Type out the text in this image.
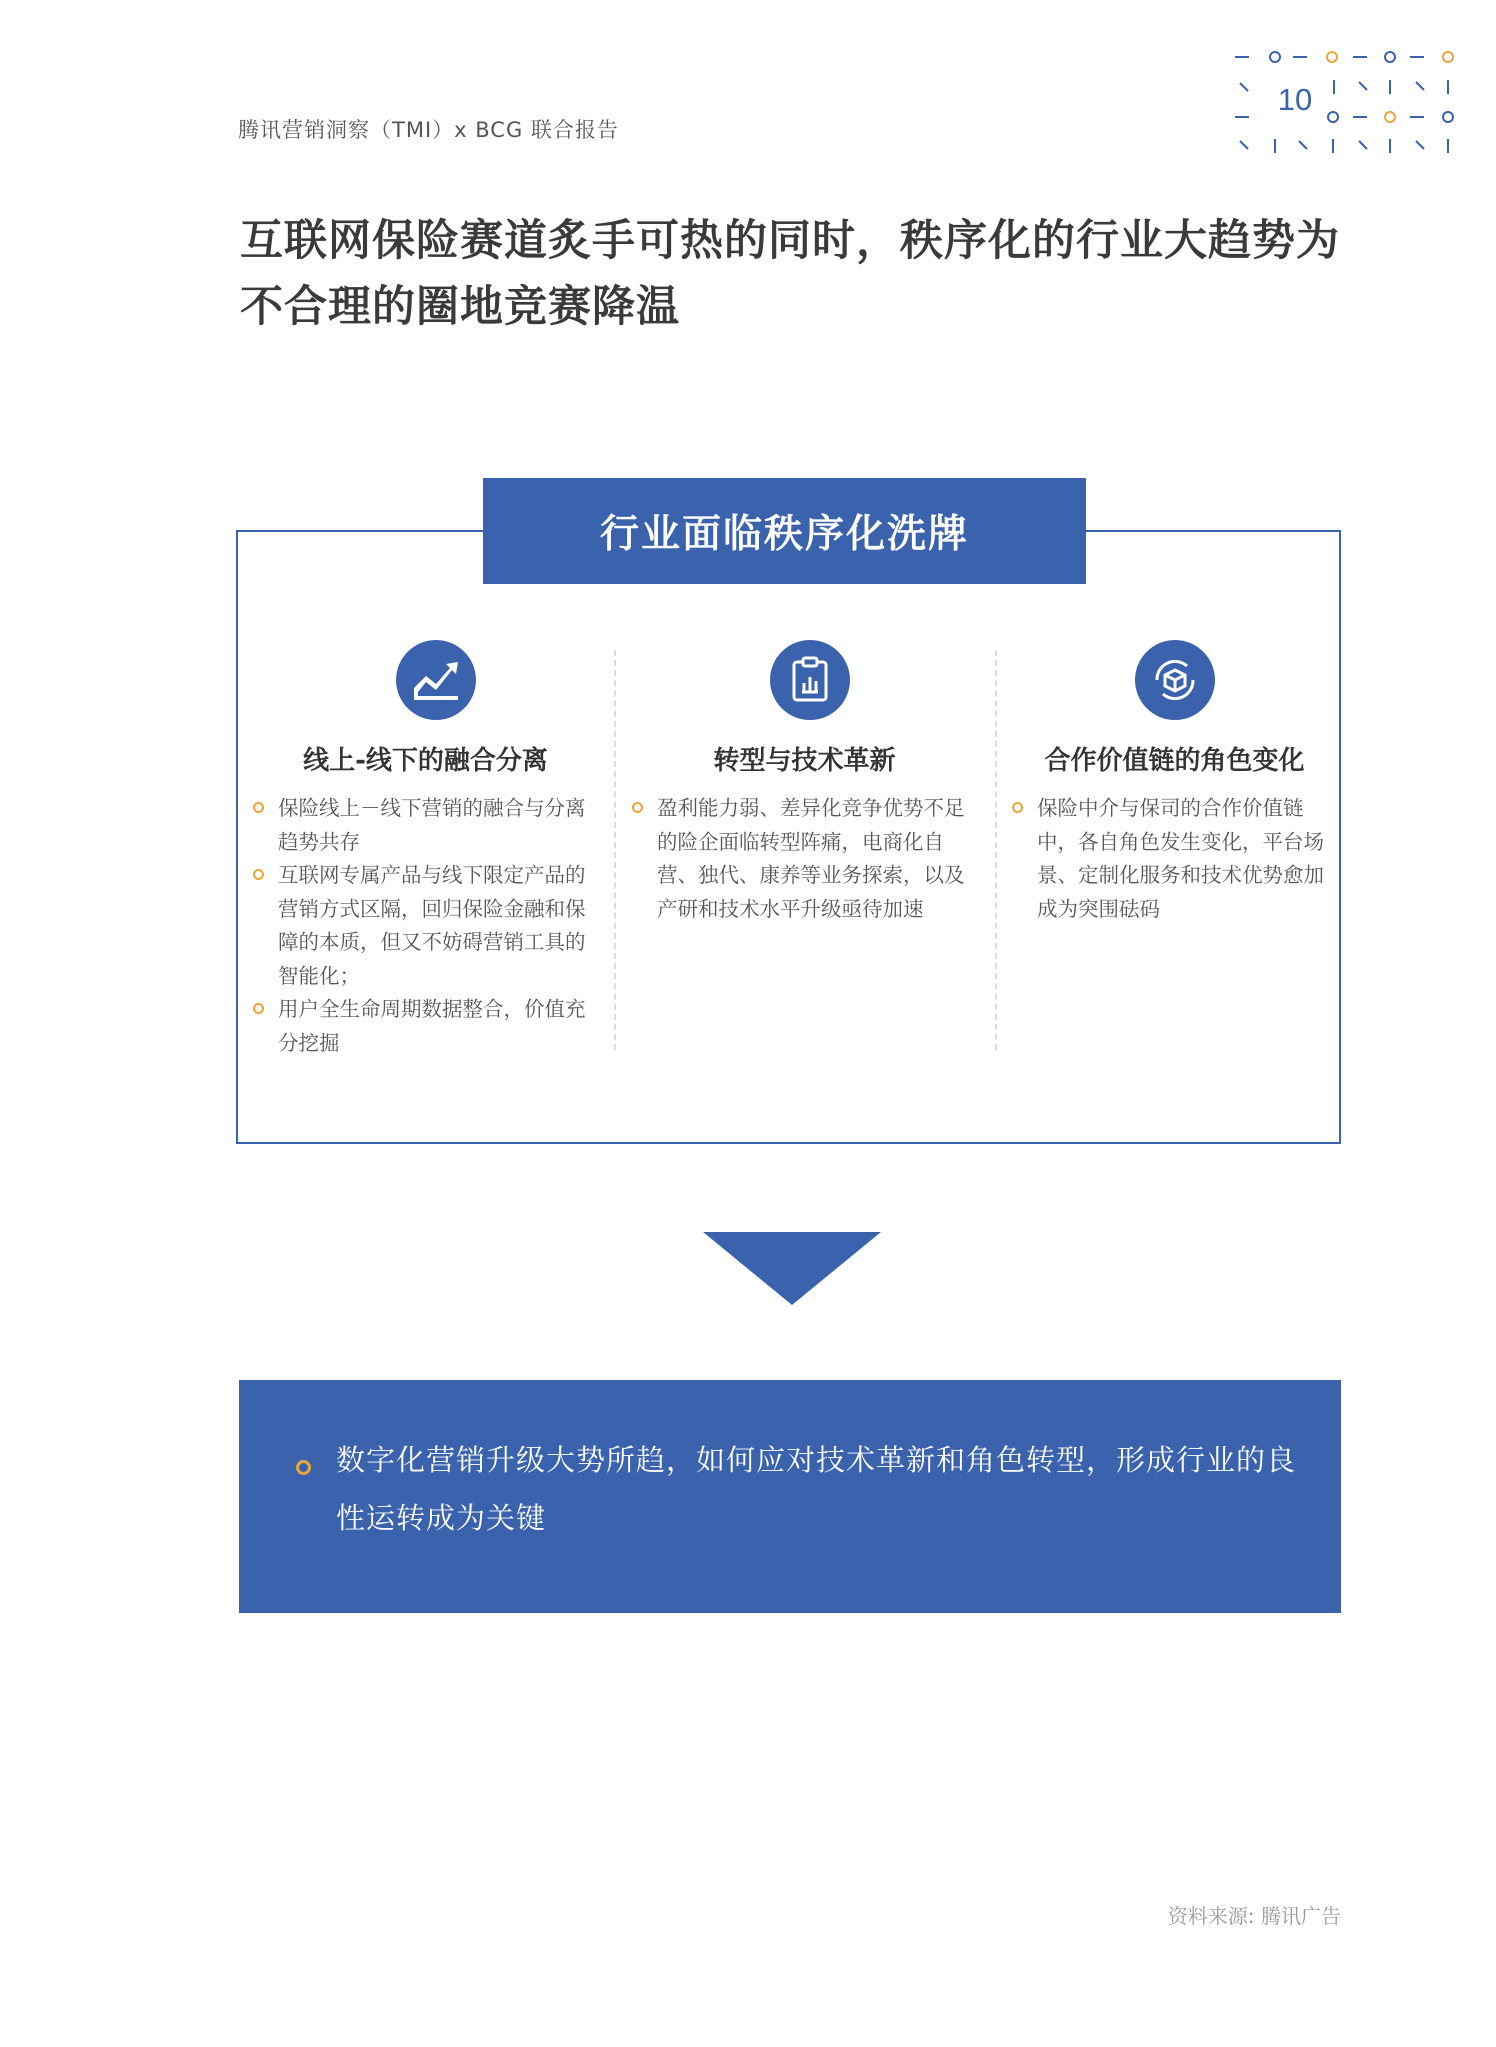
腾讯营销洞察（TMI）x BCG 联合报告
10
互联网保险赛道炙手可热的同时，秩序化的行业大趋势为
不合理的圈地竞赛降温
行业面临秩序化洗牌
线上-线下的融合分离
保险线上－线下营销的融合与分离趋势共存
互联网专属产品与线下限定产品的营销方式区隔，回归保险金融和保障的本质，但又不妨碍营销工具的智能化；
用户全生命周期数据整合，价值充分挖掘
转型与技术革新
盈利能力弱、差异化竞争优势不足的险企面临转型阵痛，电商化自营、独代、康养等业务探索，以及产研和技术水平升级亟待加速
合作价值链的角色变化
保险中介与保司的合作价值链中，各自角色发生变化，平台场景、定制化服务和技术优势愈加成为突围砝码
数字化营销升级大势所趋，如何应对技术革新和角色转型，形成行业的良性运转成为关键
资料来源: 腾讯广告
